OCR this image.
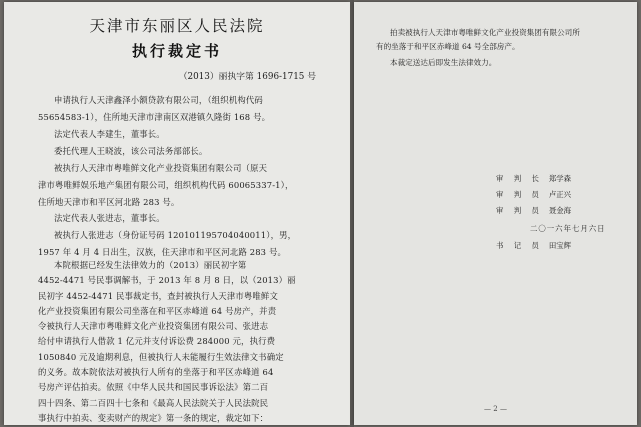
天津市东丽区人民法院
执行裁定书
（2013）丽执字第 1696-1715 号

申请执行人天津鑫泽小额贷款有限公司，（组织机构代码
55654583-1），住所地天津市津南区双港镇久隆街 168 号。

法定代表人李建生，董事长。

委托代理人王晓波，该公司法务部部长。

被执行人天津市粤唯鲜文化产业投资集团有限公司（原天
津市粤唯鲜娱乐地产集团有限公司，组织机构代码 60065337-1），
住所地天津市和平区河北路 283 号。

法定代表人张进志，董事长。

被执行人张进志（身份证号码 120101195704040011），男，
1957 年 4 月 4 日出生，汉族，住天津市和平区河北路 283 号。

本院根据已经发生法律效力的（2013）丽民初字第
4452-4471 号民事调解书，于 2013 年 8 月 8 日，以（2013）丽
民初字 4452-4471 民事裁定书，查封被执行人天津市粤唯鲜文
化产业投资集团有限公司坐落在和平区赤峰道 64 号房产，并责
令被执行人天津市粤唯鲜文化产业投资集团有限公司、张进志
给付申请执行人借款 1 亿元并支付诉讼费 284000 元，执行费
1050840 元及逾期利息，但被执行人未能履行生效法律文书确定
的义务。故本院依法对被执行人所有的坐落于和平区赤峰道 64
号房产评估拍卖。依照《中华人民共和国民事诉讼法》第二百
四十四条、第二百四十七条和《最高人民法院关于人民法院民
事执行中拍卖、变卖财产的规定》第一条的规定，裁定如下：

拍卖被执行人天津市粤唯鲜文化产业投资集团有限公司所
有的坐落于和平区赤峰道 64 号全部房产。

本裁定送达后即发生法律效力。

审 判 长 郑学森
审 判 员 卢正兴
审 判 员 聂金海
二〇一六年七月六日
书 记 员 田宝辉
— 2 —
